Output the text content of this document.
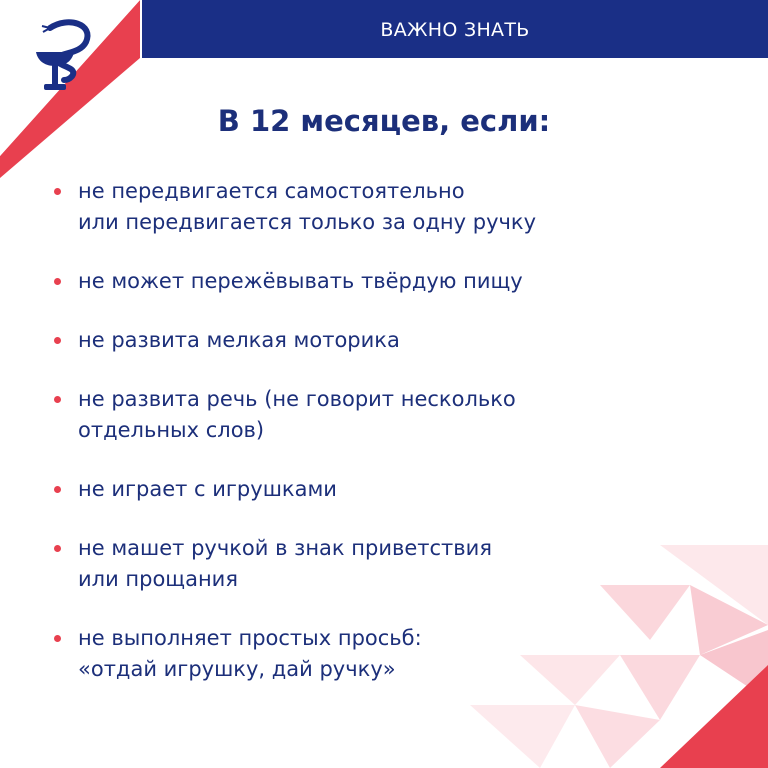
ВАЖНО ЗНАТЬ
В 12 месяцев, если:
не передвигается самостоятельно
или передвигается только за одну ручку
не может пережёвывать твёрдую пищу
не развита мелкая моторика
не развита речь (не говорит несколько
отдельных слов)
не играет с игрушками
не машет ручкой в знак приветствия
или прощания
не выполняет простых просьб:
«отдай игрушку, дай ручку»
